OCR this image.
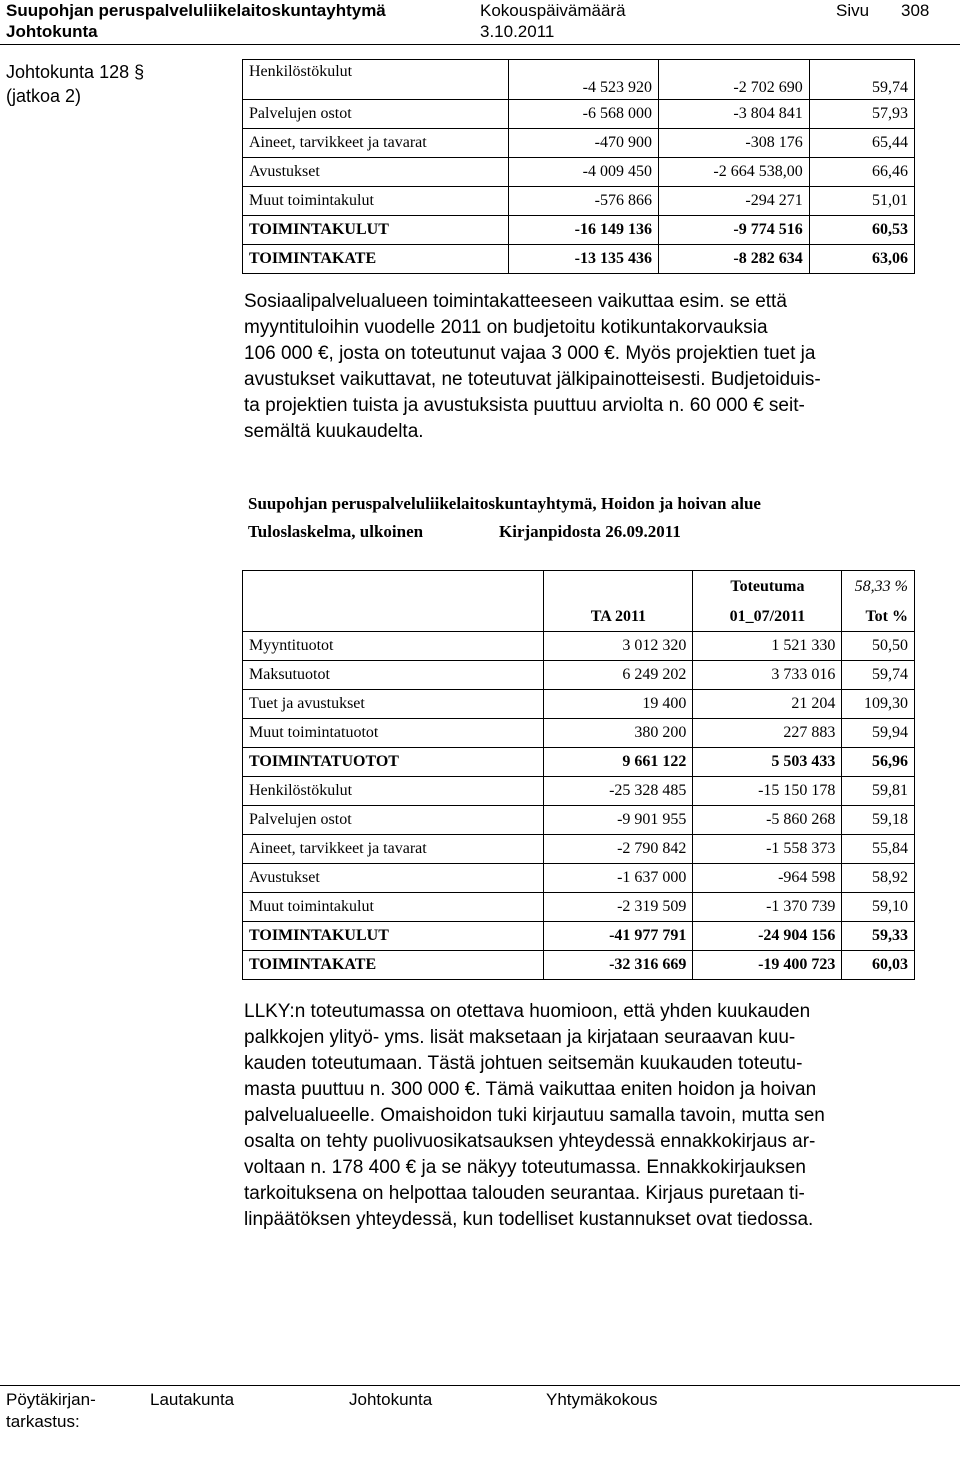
Suupohjan peruspalveluliikelaitoskuntayhtymä
Johtokunta
Kokouspäivämäärä
3.10.2011
Sivu 308
Johtokunta 128 §
(jatkoa 2)
Henkilöstökulut	-4 523 920	-2 702 690	59,74
Palvelujen ostot	-6 568 000	-3 804 841	57,93
Aineet, tarvikkeet ja tavarat	-470 900	-308 176	65,44
Avustukset	-4 009 450	-2 664 538,00	66,46
Muut toimintakulut	-576 866	-294 271	51,01
TOIMINTAKULUT	-16 149 136	-9 774 516	60,53
TOIMINTAKATE	-13 135 436	-8 282 634	63,06
Sosiaalipalvelualueen toimintakatteeseen vaikuttaa esim. se että
myyntituloihin vuodelle 2011 on budjetoitu kotikuntakorvauksia
106 000 €, josta on toteutunut vajaa 3 000 €. Myös projektien tuet ja
avustukset vaikuttavat, ne toteutuvat jälkipainotteisesti. Budjetoiduis-
ta projektien tuista ja avustuksista puuttuu arviolta n. 60 000 € seit-
semältä kuukaudelta.
Suupohjan peruspalveluliikelaitoskuntayhtymä, Hoidon ja hoivan alue
Tuloslaskelma, ulkoinen	Kirjanpidosta 26.09.2011
		Toteutuma	58,33 %
	TA 2011	01_07/2011	Tot %
Myyntituotot	3 012 320	1 521 330	50,50
Maksutuotot	6 249 202	3 733 016	59,74
Tuet ja avustukset	19 400	21 204	109,30
Muut toimintatuotot	380 200	227 883	59,94
TOIMINTATUOTOT	9 661 122	5 503 433	56,96
Henkilöstökulut	-25 328 485	-15 150 178	59,81
Palvelujen ostot	-9 901 955	-5 860 268	59,18
Aineet, tarvikkeet ja tavarat	-2 790 842	-1 558 373	55,84
Avustukset	-1 637 000	-964 598	58,92
Muut toimintakulut	-2 319 509	-1 370 739	59,10
TOIMINTAKULUT	-41 977 791	-24 904 156	59,33
TOIMINTAKATE	-32 316 669	-19 400 723	60,03
LLKY:n toteutumassa on otettava huomioon, että yhden kuukauden
palkkojen ylityö- yms. lisät maksetaan ja kirjataan seuraavan kuu-
kauden toteutumaan. Tästä johtuen seitsemän kuukauden toteutu-
masta puuttuu n. 300 000 €. Tämä vaikuttaa eniten hoidon ja hoivan
palvelualueelle. Omaishoidon tuki kirjautuu samalla tavoin, mutta sen
osalta on tehty puolivuosikatsauksen yhteydessä ennakkokirjaus ar-
voltaan n. 178 400 € ja se näkyy toteutumassa. Ennakkokirjauksen
tarkoituksena on helpottaa talouden seurantaa. Kirjaus puretaan ti-
linpäätöksen yhteydessä, kun todelliset kustannukset ovat tiedossa.
Pöytäkirjan-
tarkastus:
Lautakunta	Johtokunta	Yhtymäkokous
